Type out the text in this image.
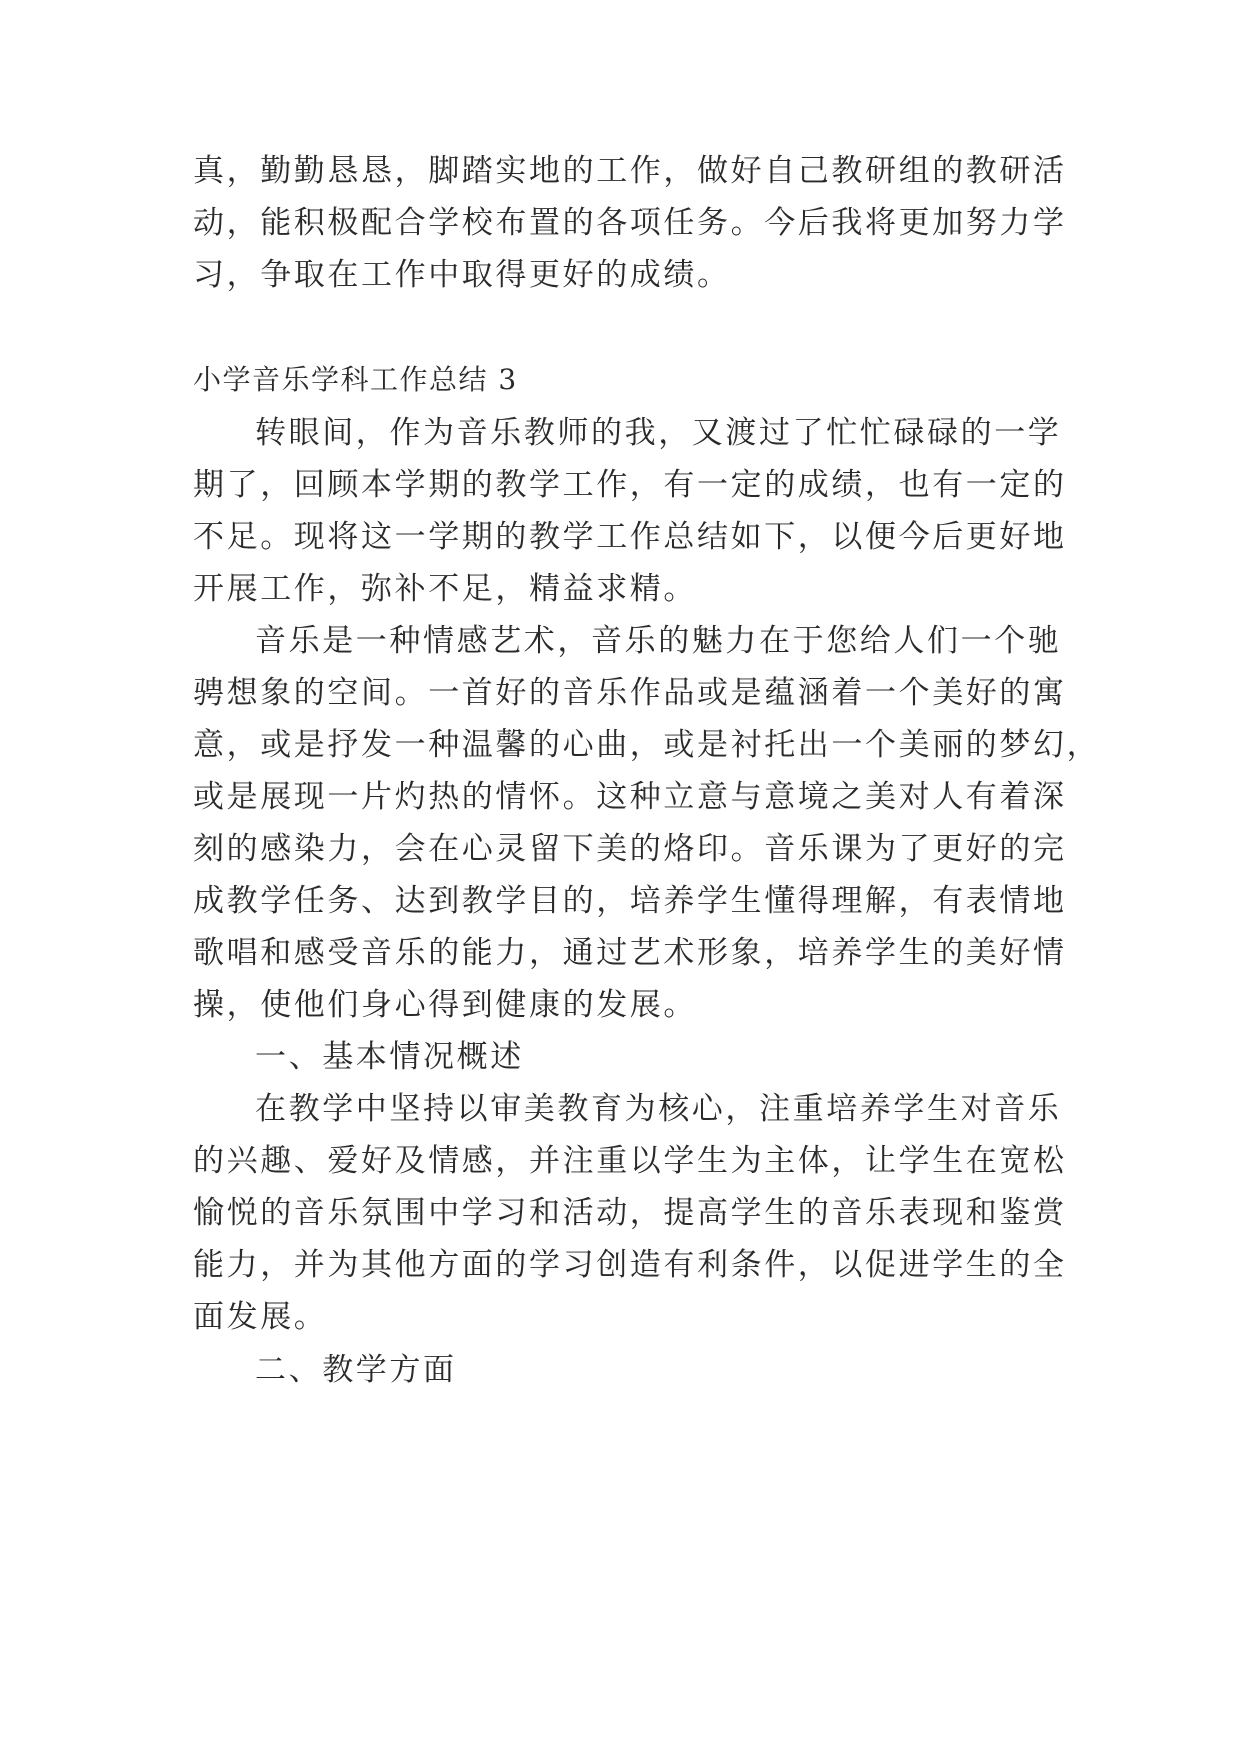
真，勤勤恳恳，脚踏实地的工作，做好自己教研组的教研活

动，能积极配合学校布置的各项任务。今后我将更加努力学

习，争取在工作中取得更好的成绩。

小学音乐学科工作总结 3

转眼间，作为音乐教师的我，又渡过了忙忙碌碌的一学

期了，回顾本学期的教学工作，有一定的成绩，也有一定的

不足。现将这一学期的教学工作总结如下，以便今后更好地

开展工作，弥补不足，精益求精。

音乐是一种情感艺术，音乐的魅力在于您给人们一个驰

骋想象的空间。一首好的音乐作品或是蕴涵着一个美好的寓

意，或是抒发一种温馨的心曲，或是衬托出一个美丽的梦幻，

或是展现一片灼热的情怀。这种立意与意境之美对人有着深

刻的感染力，会在心灵留下美的烙印。音乐课为了更好的完

成教学任务、达到教学目的，培养学生懂得理解，有表情地

歌唱和感受音乐的能力，通过艺术形象，培养学生的美好情

操，使他们身心得到健康的发展。

一、基本情况概述

在教学中坚持以审美教育为核心，注重培养学生对音乐

的兴趣、爱好及情感，并注重以学生为主体，让学生在宽松

愉悦的音乐氛围中学习和活动，提高学生的音乐表现和鉴赏

能力，并为其他方面的学习创造有利条件，以促进学生的全

面发展。

二、教学方面
